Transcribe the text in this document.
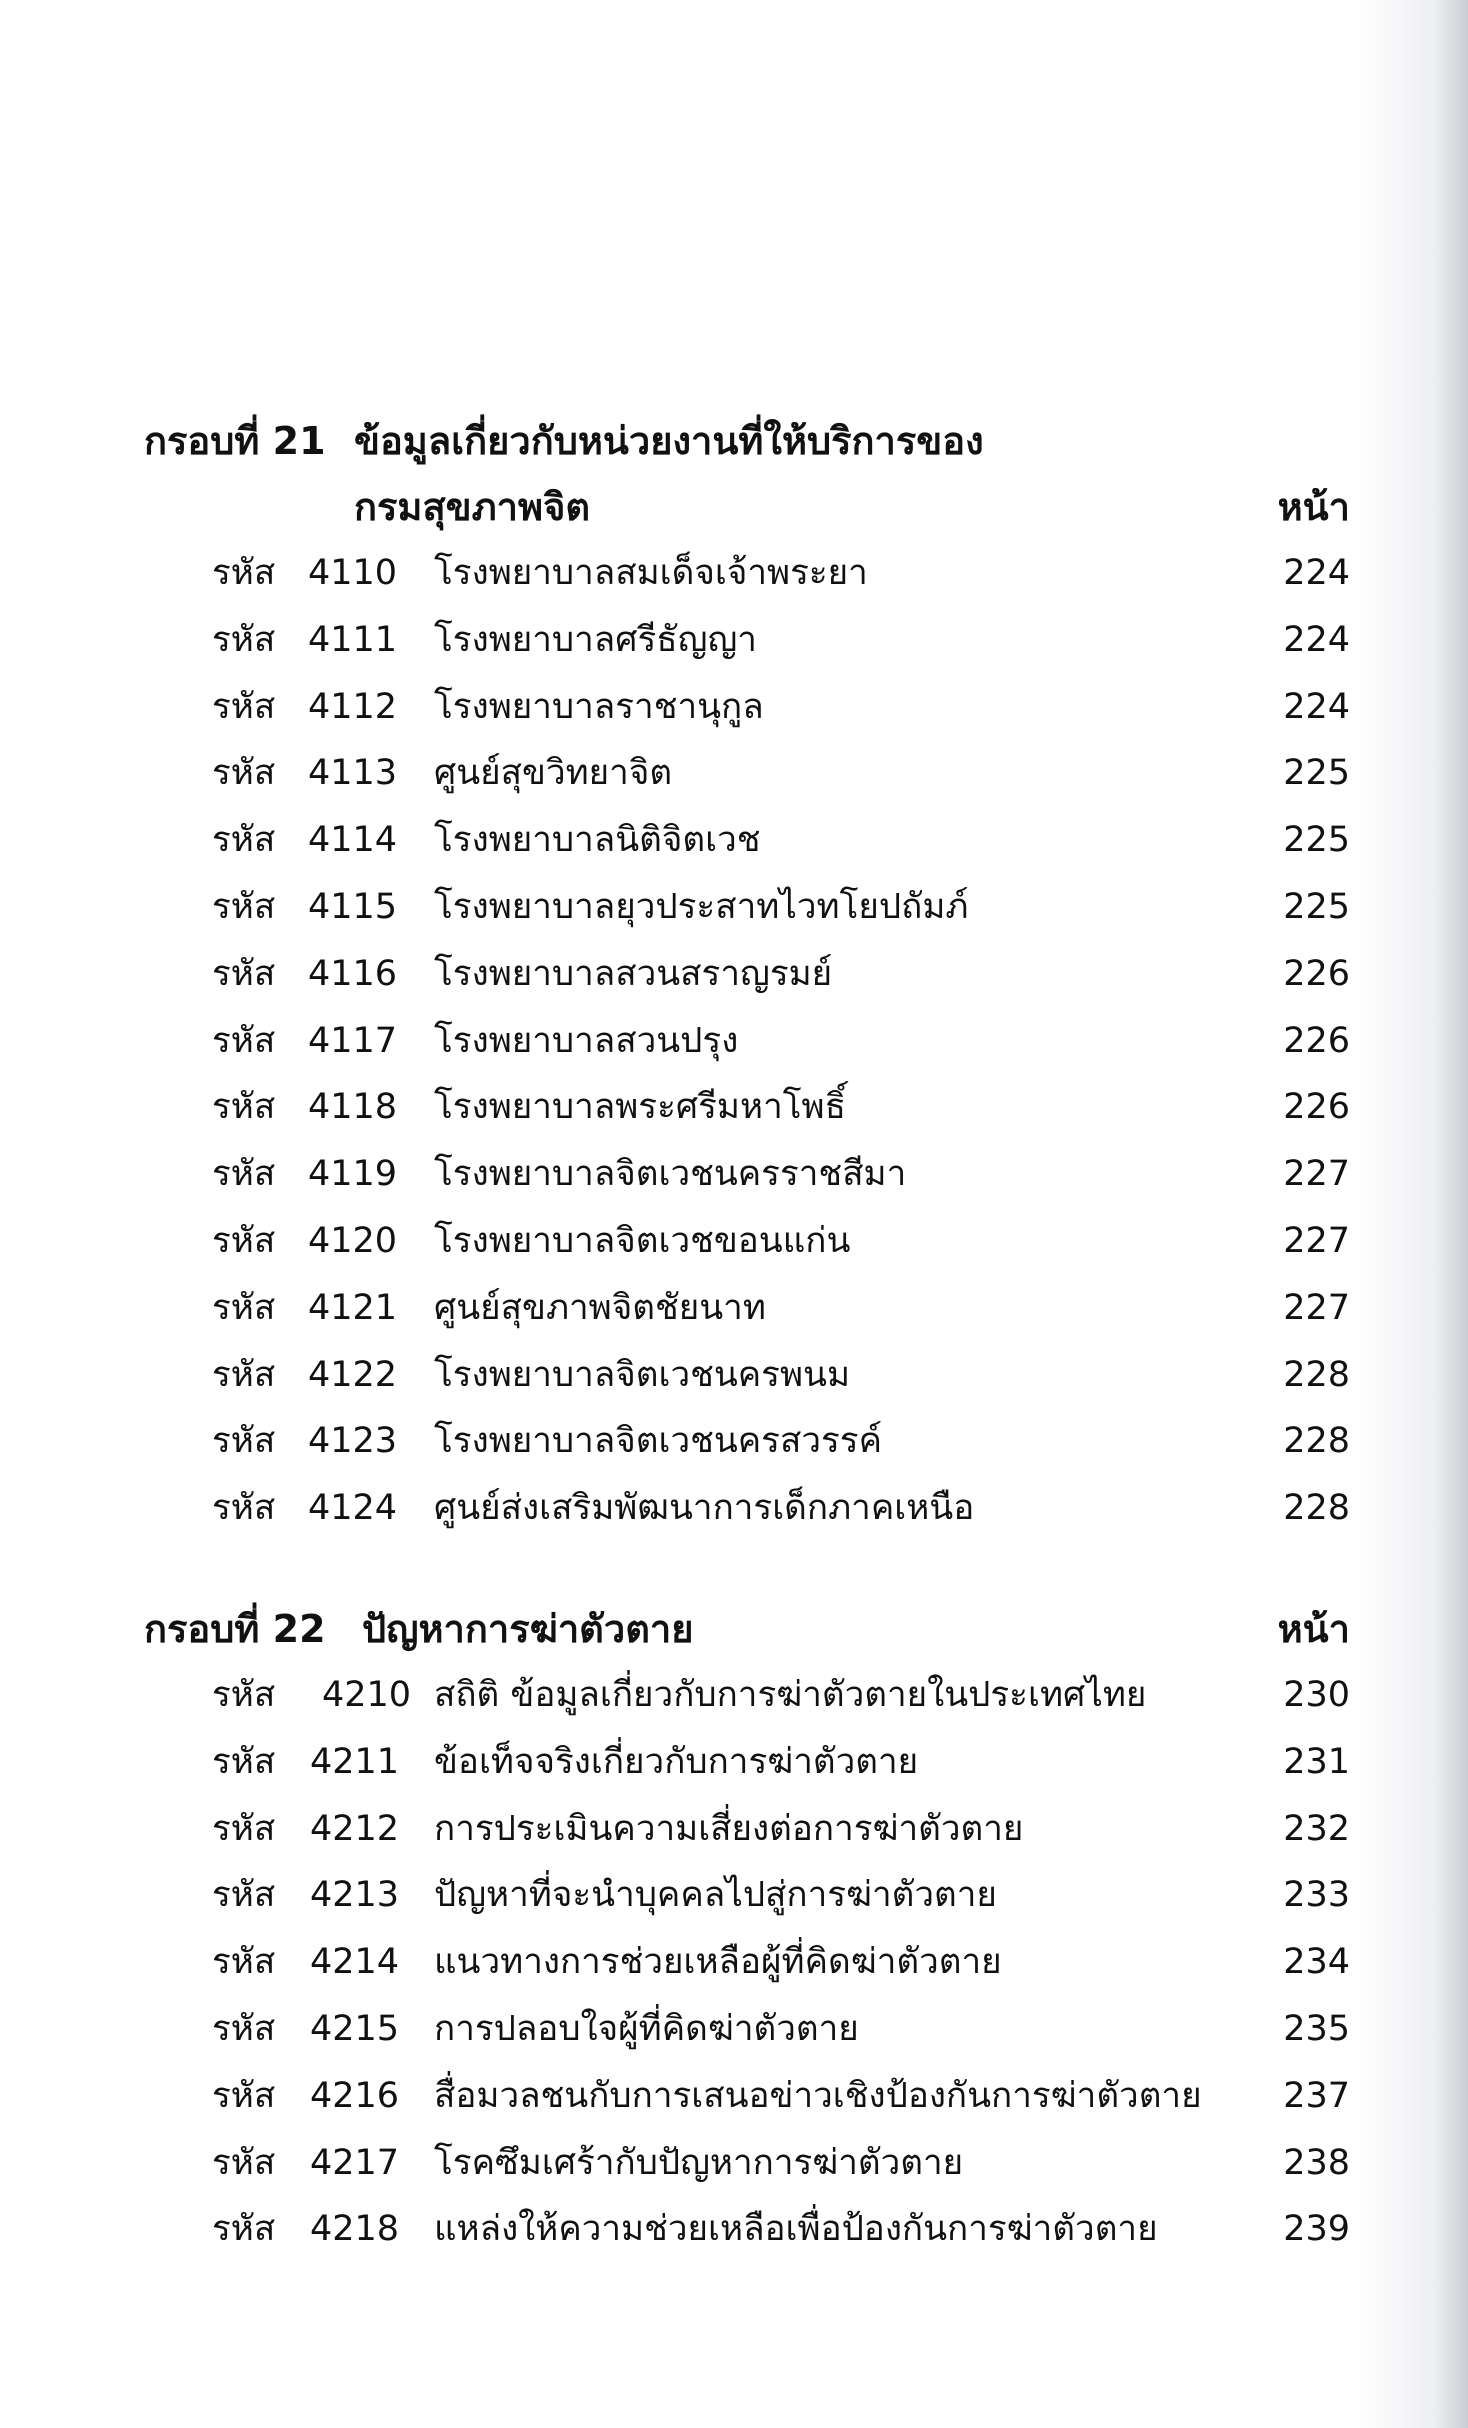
กรอบที่ 21 ข้อมูลเกี่ยวกับหน่วยงานที่ให้บริการของ
กรมสุขภาพจิต	หน้า
รหัส 4110 โรงพยาบาลสมเด็จเจ้าพระยา	224
รหัส 4111 โรงพยาบาลศรีธัญญา	224
รหัส 4112 โรงพยาบาลราชานุกูล	224
รหัส 4113 ศูนย์สุขวิทยาจิต	225
รหัส 4114 โรงพยาบาลนิติจิตเวช	225
รหัส 4115 โรงพยาบาลยุวประสาทไวทโยปถัมภ์	225
รหัส 4116 โรงพยาบาลสวนสราญรมย์	226
รหัส 4117 โรงพยาบาลสวนปรุง	226
รหัส 4118 โรงพยาบาลพระศรีมหาโพธิ์	226
รหัส 4119 โรงพยาบาลจิตเวชนครราชสีมา	227
รหัส 4120 โรงพยาบาลจิตเวชขอนแก่น	227
รหัส 4121 ศูนย์สุขภาพจิตชัยนาท	227
รหัส 4122 โรงพยาบาลจิตเวชนครพนม	228
รหัส 4123 โรงพยาบาลจิตเวชนครสวรรค์	228
รหัส 4124 ศูนย์ส่งเสริมพัฒนาการเด็กภาคเหนือ	228
กรอบที่ 22 ปัญหาการฆ่าตัวตาย	หน้า
รหัส 4210 สถิติ ข้อมูลเกี่ยวกับการฆ่าตัวตายในประเทศไทย	230
รหัส 4211 ข้อเท็จจริงเกี่ยวกับการฆ่าตัวตาย	231
รหัส 4212 การประเมินความเสี่ยงต่อการฆ่าตัวตาย	232
รหัส 4213 ปัญหาที่จะนำบุคคลไปสู่การฆ่าตัวตาย	233
รหัส 4214 แนวทางการช่วยเหลือผู้ที่คิดฆ่าตัวตาย	234
รหัส 4215 การปลอบใจผู้ที่คิดฆ่าตัวตาย	235
รหัส 4216 สื่อมวลชนกับการเสนอข่าวเชิงป้องกันการฆ่าตัวตาย 237
รหัส 4217 โรคซึมเศร้ากับปัญหาการฆ่าตัวตาย	238
รหัส 4218 แหล่งให้ความช่วยเหลือเพื่อป้องกันการฆ่าตัวตาย	239
